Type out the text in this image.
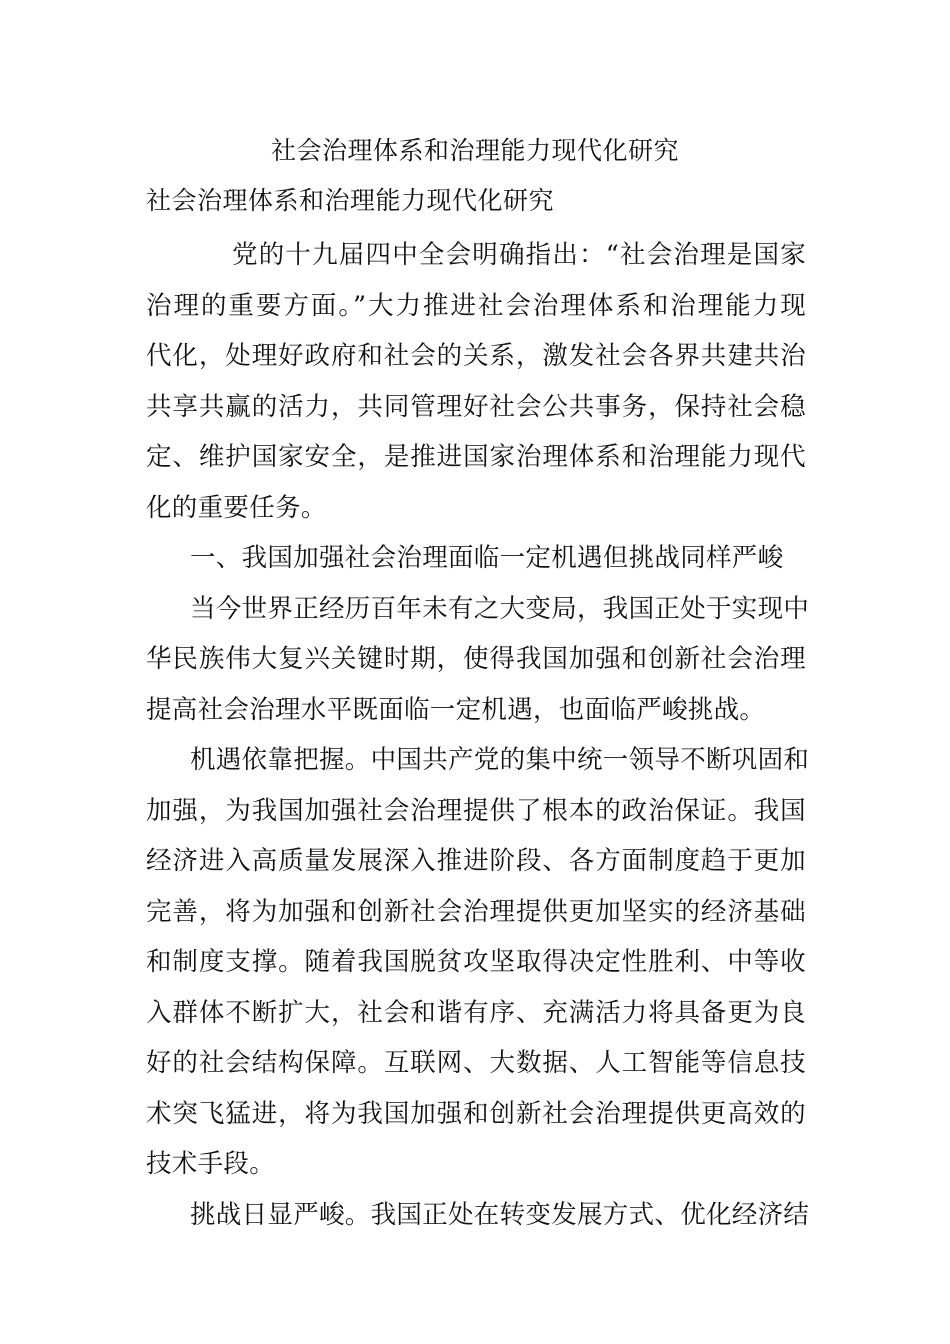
社会治理体系和治理能力现代化研究
社会治理体系和治理能力现代化研究
党的十九届四中全会明确指出：“社会治理是国家
治理的重要方面。”大力推进社会治理体系和治理能力现
代化，处理好政府和社会的关系，激发社会各界共建共治
共享共赢的活力，共同管理好社会公共事务，保持社会稳
定、维护国家安全，是推进国家治理体系和治理能力现代
化的重要任务。
一、我国加强社会治理面临一定机遇但挑战同样严峻
当今世界正经历百年未有之大变局，我国正处于实现中
华民族伟大复兴关键时期，使得我国加强和创新社会治理
提高社会治理水平既面临一定机遇，也面临严峻挑战。
机遇依靠把握。中国共产党的集中统一领导不断巩固和
加强，为我国加强社会治理提供了根本的政治保证。我国
经济进入高质量发展深入推进阶段、各方面制度趋于更加
完善，将为加强和创新社会治理提供更加坚实的经济基础
和制度支撑。随着我国脱贫攻坚取得决定性胜利、中等收
入群体不断扩大，社会和谐有序、充满活力将具备更为良
好的社会结构保障。互联网、大数据、人工智能等信息技
术突飞猛进，将为我国加强和创新社会治理提供更高效的
技术手段。
挑战日显严峻。我国正处在转变发展方式、优化经济结
